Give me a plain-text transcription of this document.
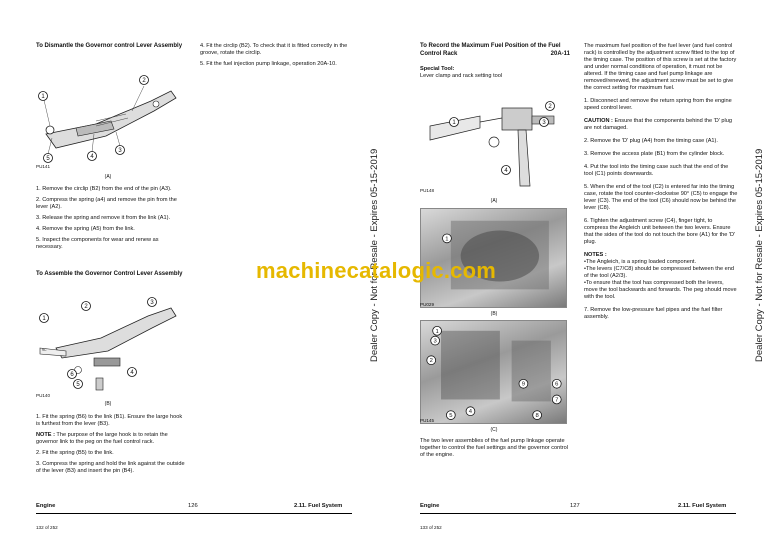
To Dismantle the Governor control Lever Assembly
1
2
3
4
5
PU141
(A)
1. Remove the circlip (B2) from the end of the pin (A3).
2. Compress the spring (a4) and remove the pin from the lever (A2).
3. Release the spring and remove it from the link (A1).
4. Remove the spring (A5) from the link.
5. Inspect the components for wear and renew as necessary.
To Assemble the Governor Control Lever Assembly
9C
1
2
3
4
5
6
PU140
(B)
1. Fit the spring (B6) to the link (B1). Ensure the large hook is furthest from the lever (B3).
NOTE : The purpose of the large hook is to retain the governor link to the peg on the fuel control rack.
2. Fit the spring (B5) to the link.
3. Compress the spring and hold the link against the outside of the lever (B3) and insert the pin (B4).
4. Fit the circlip (B2). To check that it is fitted correctly in the groove, rotate the circlip.
5. Fit the fuel injection pump linkage, operation 20A-10.
Engine	126	2.11. Fuel System
132 of 252
To Record the Maximum Fuel Position of the Fuel Control Rack	20A-11
Special Tool:
Lever clamp and rack setting tool
1
2
3
4
PU148
(A)
1
PU029
(B)
1
2
3
4
5
6
7
8
9
PU145
(C)
The two lever assemblies of the fuel pump linkage operate together to control the fuel settings and the governor control of the engine.

The maximum fuel position of the fuel lever (and fuel control rack) is controlled by the adjustment screw fitted to the top of the timing case. The position of this screw is set at the factory and under normal conditions of operation, it must not be altered. If the timing case and fuel pump linkage are removed/renewed, the adjustment screw must be set to give the correct setting for maximum fuel.

1. Disconnect and remove the return spring from the engine speed control lever.

CAUTION : Ensure that the components behind the 'D' plug are not damaged.

2. Remove the 'D' plug (A4) from the timing case (A1).
3. Remove the access plate (B1) from the cylinder block.
4. Put the tool into the timing case such that the end of the tool (C1) points downwards.
5. When the end of the tool (C2) is entered far into the timing case, rotate the tool counter-clockwise 90° (C5) to engage the lever (C3). The end of the tool (C6) should now be behind the lever (C8).
6. Tighten the adjustment screw (C4), finger tight, to compress the Angleich unit between the two levers. Ensure that the sides of the tool do not touch the bore (A1) for the 'D' plug.

NOTES :

•The Angleich, is a spring loaded component.

•The levers (C7/C8) should be compressed between the end of the tool (A2/3).

•To ensure that the tool has compressed both the levers, move the tool backwards and forwards. The peg should move with the tool.

7. Remove the low-pressure fuel pipes and the fuel filter assembly.

Engine	127	2.11. Fuel System
133 of 252
Dealer Copy - Not for Resale - Expires 05-15-2019	Dealer Copy - Not for Resale - Expires 05-15-2019
machinecatalogic.com
